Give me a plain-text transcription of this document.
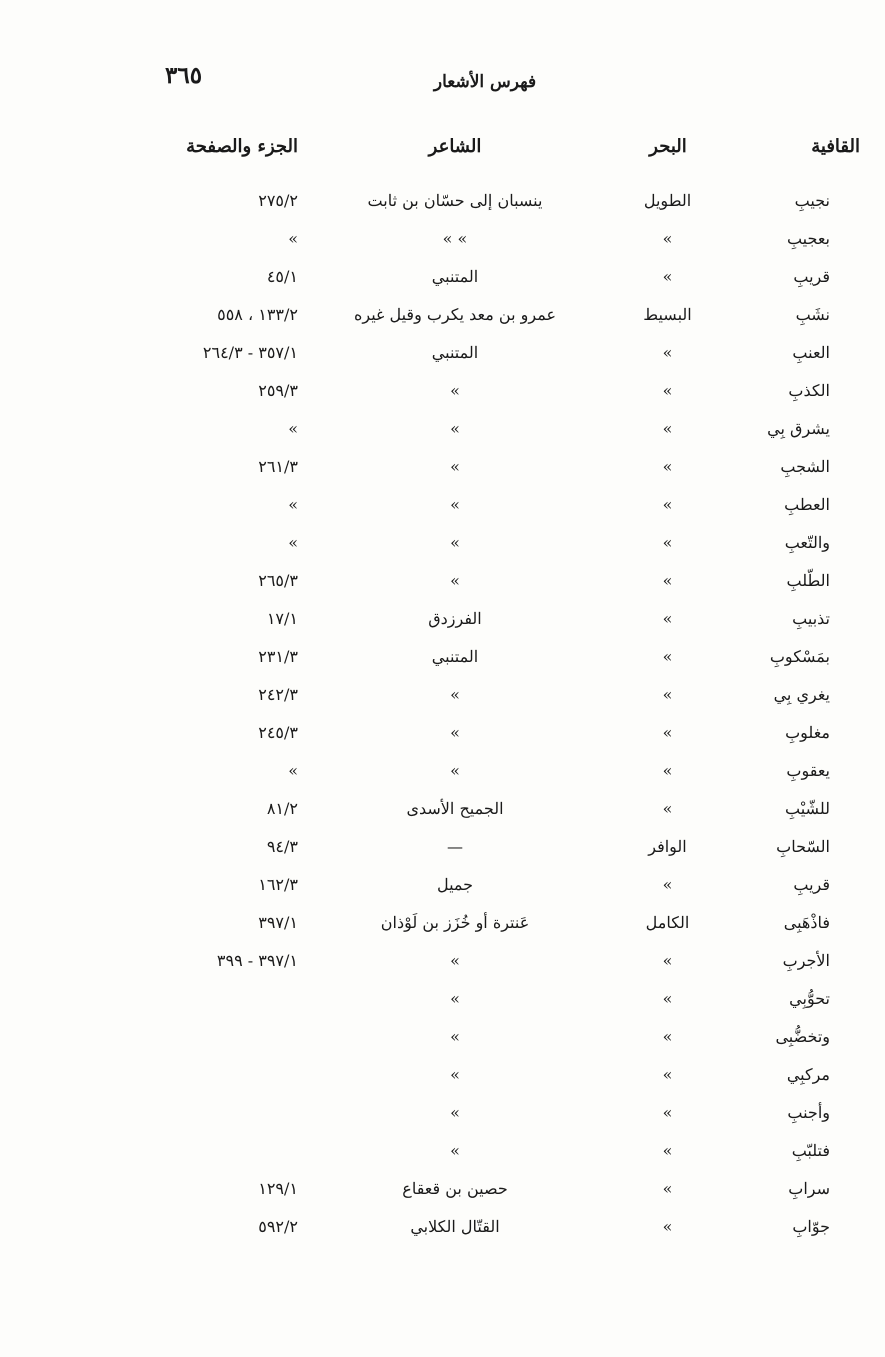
٣٦٥	فهرس الأشعار
القافية
البحر
الشاعر
الجزء والصفحة
نجيبِ
الطويل
ينسبان إلى حسّان بن ثابت
٢٧٥/٢
بعجيبِ
»
» »
»
قريبِ
»
المتنبي
٤٥/١
نشَبِ
البسيط
عمرو بن معد يكرب وقيل غيره
١٣٣/٢ ، ٥٥٨
العنبِ
»
المتنبي
٣٥٧/١ - ٢٦٤/٣
الكذبِ
»
»
٢٥٩/٣
يشرق بِي
»
»
»
الشجبِ
»
»
٢٦١/٣
العطبِ
»
»
»
والتّعبِ
»
»
»
الطّلبِ
»
»
٢٦٥/٣
تذبيبِ
»
الفرزدق
١٧/١
بمَسْكوبِ
»
المتنبي
٢٣١/٣
يغري بِي
»
»
٢٤٢/٣
مغلوبِ
»
»
٢٤٥/٣
يعقوبِ
»
»
»
للشّيْبِ
»
الجميح الأسدى
٨١/٢
السّحابِ
الوافر
—
٩٤/٣
قريبِ
»
جميل
١٦٢/٣
فاذْهَبِى
الكامل
عَنترة أو خُزَز بن لَوْذان
٣٩٧/١
الأجربِ
»
»
٣٩٧/١ - ٣٩٩
تحوُّبِي
»
»
وتخضُّبِى
»
»
مركبِي
»
»
وأجنبِ
»
»
فتلبّبِ
»
»
سرابِ
»
حصين بن قعقاع
١٢٩/١
جوّابِ
»
القتّال الكلابي
٥٩٢/٢
